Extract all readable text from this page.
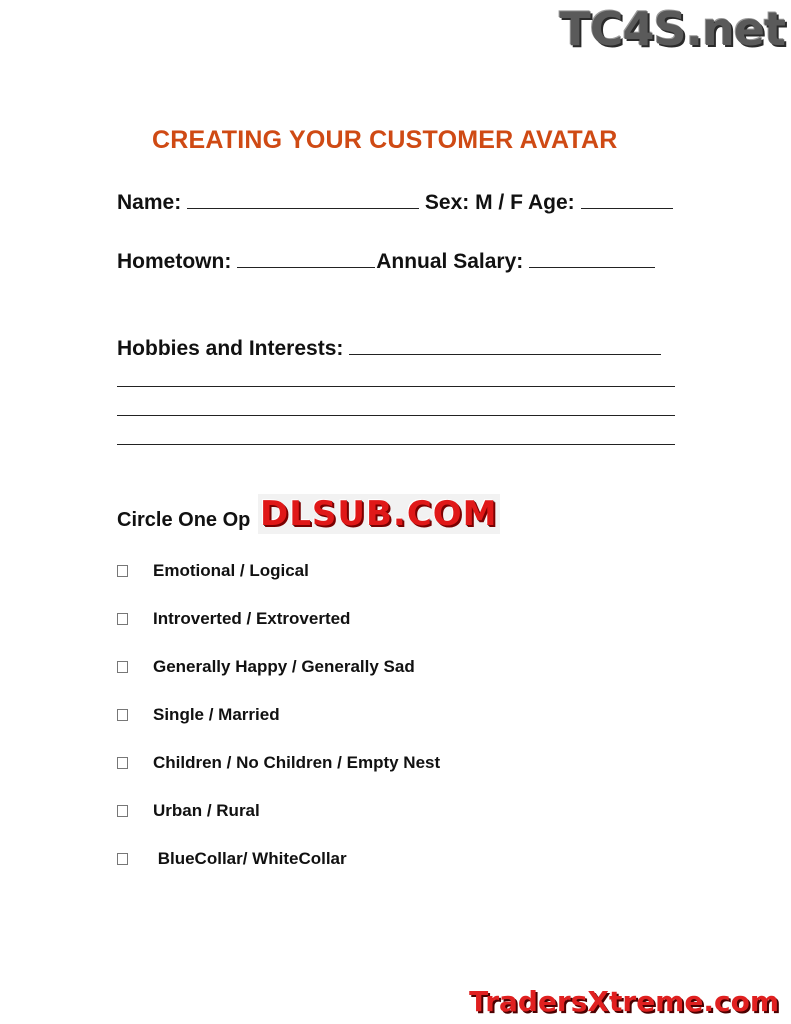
TC4S.net
CREATING YOUR CUSTOMER AVATAR
Name:	Sex: M / F Age:
Hometown:	Annual Salary:
Hobbies and Interests:
Circle One Op DLSUB.COM
Emotional / Logical
Introverted / Extroverted
Generally Happy / Generally Sad
Single / Married
Children / No Children / Empty Nest
Urban / Rural
BlueCollar/ WhiteCollar
TradersXtreme.com
